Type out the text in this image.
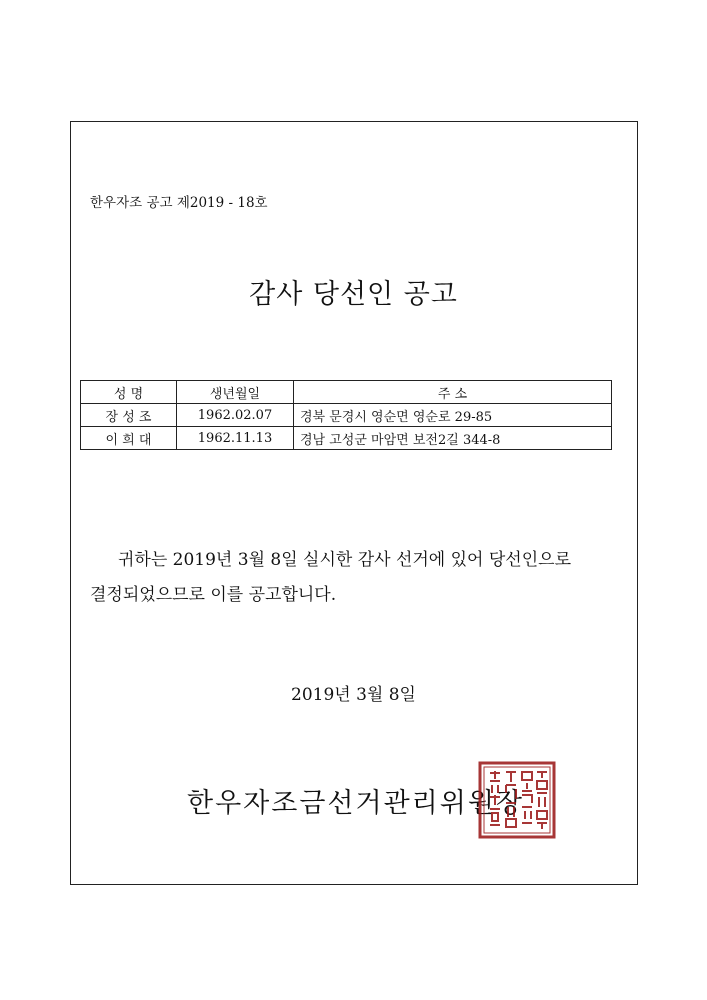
한우자조 공고 제2019 - 18호
감사 당선인 공고
성 명	생년월일	주 소
장 성 조	1962.02.07	경북 문경시 영순면 영순로 29-85
이 희 대	1962.11.13	경남 고성군 마암면 보전2길 344-8
귀하는 2019년 3월 8일 실시한 감사 선거에 있어 당선인으로
결정되었으므로 이를 공고합니다.
2019년 3월 8일
한우자조금선거관리위원장
